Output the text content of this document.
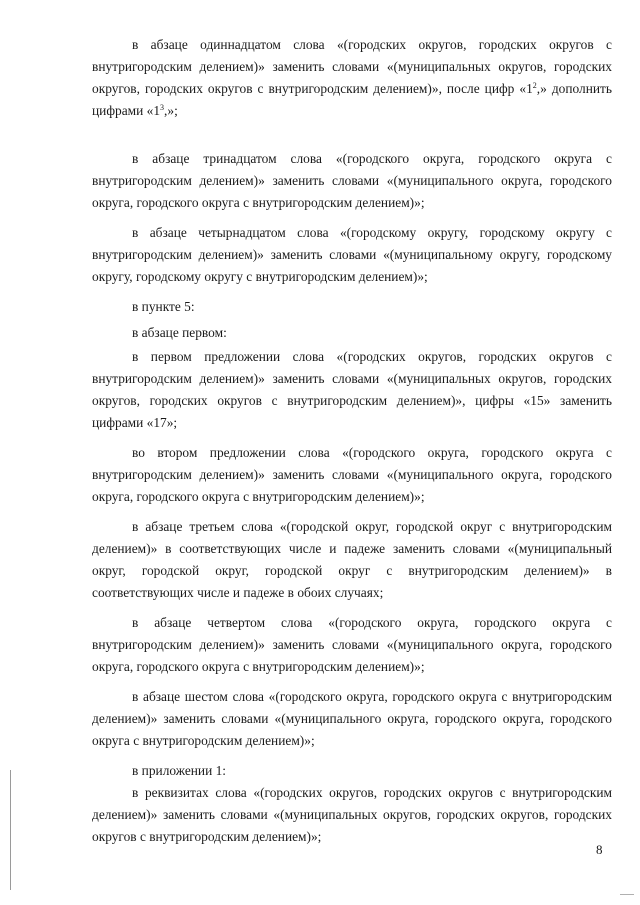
в абзаце одиннадцатом слова «(городских округов, городских округов с внутригородским делением)» заменить словами «(муниципальных округов, городских округов, городских округов с внутригородским делением)», после цифр «$1^2$,» дополнить цифрами «$1^3$,»;

в абзаце тринадцатом слова «(городского округа, городского округа с внутригородским делением)» заменить словами «(муниципального округа, городского округа, городского округа с внутригородским делением)»;

в абзаце четырнадцатом слова «(городскому округу, городскому округу с внутригородским делением)» заменить словами «(муниципальному округу, городскому округу, городскому округу с внутригородским делением)»;

в пункте 5:

в абзаце первом:

в первом предложении слова «(городских округов, городских округов с внутригородским делением)» заменить словами «(муниципальных округов, городских округов, городских округов с внутригородским делением)», цифры «15» заменить цифрами «17»;

во втором предложении слова «(городского округа, городского округа с внутригородским делением)» заменить словами «(муниципального округа, городского округа, городского округа с внутригородским делением)»;

в абзаце третьем слова «(городской округ, городской округ с внутригородским делением)» в соответствующих числе и падеже заменить словами «(муниципальный округ, городской округ, городской округ с внутригородским делением)» в соответствующих числе и падеже в обоих случаях;

в абзаце четвертом слова «(городского округа, городского округа с внутригородским делением)» заменить словами «(муниципального округа, городского округа, городского округа с внутригородским делением)»;

в абзаце шестом слова «(городского округа, городского округа с внутригородским делением)» заменить словами «(муниципального округа, городского округа, городского округа с внутригородским делением)»;

в приложении 1:

в реквизитах слова «(городских округов, городских округов с внутригородским делением)» заменить словами «(муниципальных округов, городских округов, городских округов с внутригородским делением)»;

8
